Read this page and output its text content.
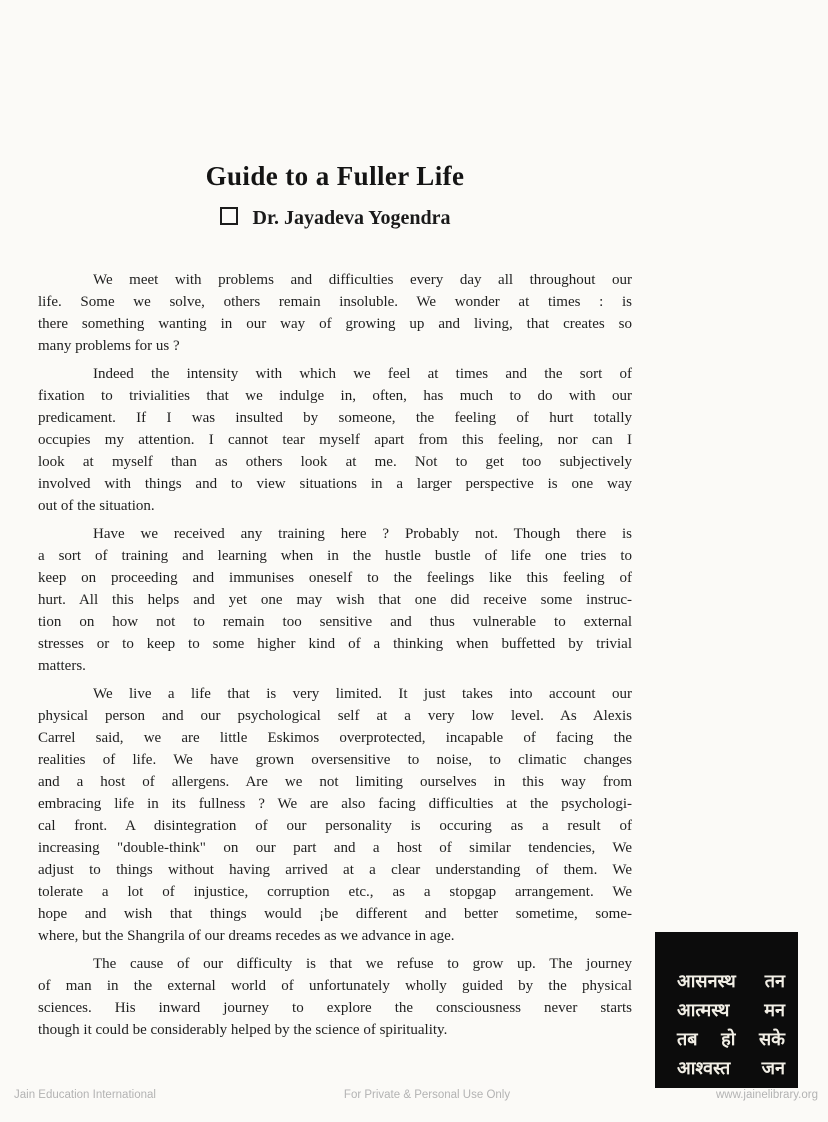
Guide to a Fuller Life
Dr. Jayadeva Yogendra
We meet with problems and difficulties every day all throughout our
life. Some we solve, others remain insoluble. We wonder at times : is
there something wanting in our way of growing up and living, that creates so
many problems for us ?
Indeed the intensity with which we feel at times and the sort of
fixation to trivialities that we indulge in, often, has much to do with our
predicament. If I was insulted by someone, the feeling of hurt totally
occupies my attention. I cannot tear myself apart from this feeling, nor can I
look at myself than as others look at me. Not to get too subjectively
involved with things and to view situations in a larger perspective is one way
out of the situation.
Have we received any training here ? Probably not. Though there is
a sort of training and learning when in the hustle bustle of life one tries to
keep on proceeding and immunises oneself to the feelings like this feeling of
hurt. All this helps and yet one may wish that one did receive some instruc-
tion on how not to remain too sensitive and thus vulnerable to external
stresses or to keep to some higher kind of a thinking when buffetted by trivial
matters.
We live a life that is very limited. It just takes into account our
physical person and our psychological self at a very low level. As Alexis
Carrel said, we are little Eskimos overprotected, incapable of facing the
realities of life. We have grown oversensitive to noise, to climatic changes
and a host of allergens. Are we not limiting ourselves in this way from
embracing life in its fullness ? We are also facing difficulties at the psychologi-
cal front. A disintegration of our personality is occuring as a result of
increasing "double-think" on our part and a host of similar tendencies, We
adjust to things without having arrived at a clear understanding of them. We
tolerate a lot of injustice, corruption etc., as a stopgap arrangement. We
hope and wish that things would ¡be different and better sometime, some-
where, but the Shangrila of our dreams recedes as we advance in age.
The cause of our difficulty is that we refuse to grow up. The journey
of man in the external world of unfortunately wholly guided by the physical
sciences. His inward journey to explore the consciousness never starts
though it could be considerably helped by the science of spirituality.
आसनस्थ तन
आत्मस्थ मन
तब हो सके
आश्वस्त जन
Jain Education International	For Private & Personal Use Only	www.jainelibrary.org
